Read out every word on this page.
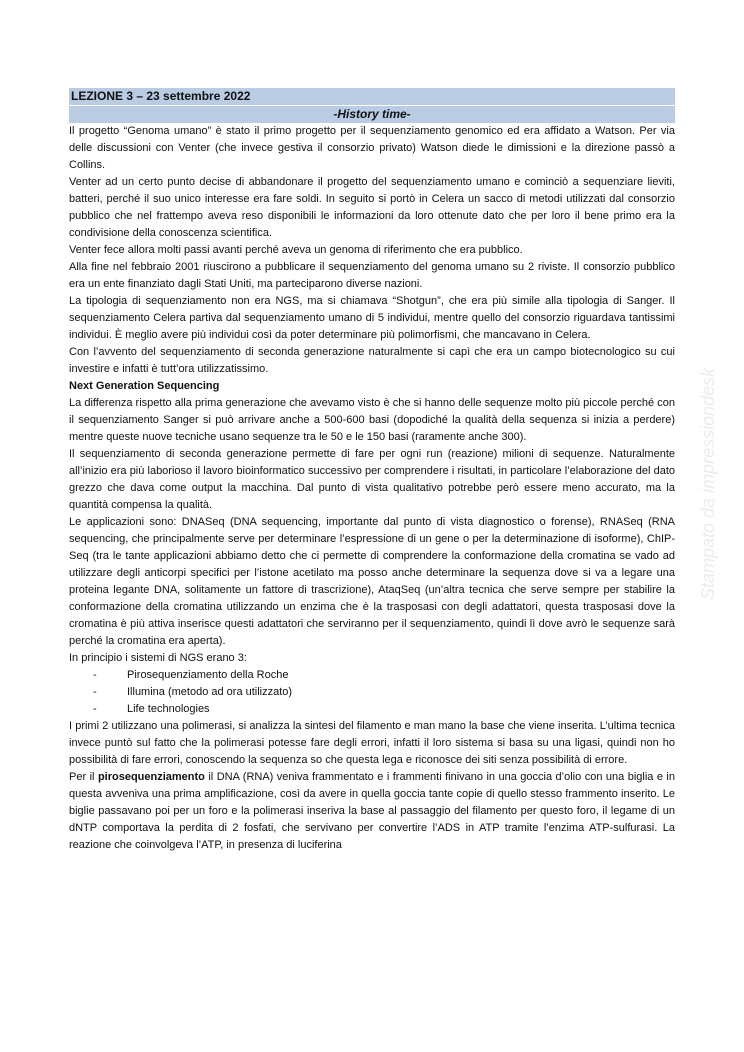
Stampato da impressiondesk
LEZIONE 3 – 23 settembre 2022
-History time-

Il progetto “Genoma umano” è stato il primo progetto per il sequenziamento genomico ed era affidato a Watson. Per via delle discussioni con Venter (che invece gestiva il consorzio privato) Watson diede le dimissioni e la direzione passò a Collins.

Venter ad un certo punto decise di abbandonare il progetto del sequenziamento umano e cominciò a sequenziare lieviti, batteri, perché il suo unico interesse era fare soldi. In seguito si portò in Celera un sacco di metodi utilizzati dal consorzio pubblico che nel frattempo aveva reso disponibili le informazioni da loro ottenute dato che per loro il bene primo era la condivisione della conoscenza scientifica.

Venter fece allora molti passi avanti perché aveva un genoma di riferimento che era pubblico.

Alla fine nel febbraio 2001 riuscirono a pubblicare il sequenziamento del genoma umano su 2 riviste. Il consorzio pubblico era un ente finanziato dagli Stati Uniti, ma parteciparono diverse nazioni.

La tipologia di sequenziamento non era NGS, ma si chiamava “Shotgun”, che era più simile alla tipologia di Sanger. Il sequenziamento Celera partiva dal sequenziamento umano di 5 individui, mentre quello del consorzio riguardava tantissimi individui. È meglio avere più individui così da poter determinare più polimorfismi, che mancavano in Celera.

Con l’avvento del sequenziamento di seconda generazione naturalmente si capì che era un campo biotecnologico su cui investire e infatti è tutt’ora utilizzatissimo.

Next Generation Sequencing

La differenza rispetto alla prima generazione che avevamo visto è che si hanno delle sequenze molto più piccole perché con il sequenziamento Sanger si può arrivare anche a 500-600 basi (dopodiché la qualità della sequenza si inizia a perdere) mentre queste nuove tecniche usano sequenze tra le 50 e le 150 basi (raramente anche 300).

Il sequenziamento di seconda generazione permette di fare per ogni run (reazione) milioni di sequenze. Naturalmente all’inizio era più laborioso il lavoro bioinformatico successivo per comprendere i risultati, in particolare l’elaborazione del dato grezzo che dava come output la macchina. Dal punto di vista qualitativo potrebbe però essere meno accurato, ma la quantità compensa la qualità.

Le applicazioni sono: DNASeq (DNA sequencing, importante dal punto di vista diagnostico o forense), RNASeq (RNA sequencing, che principalmente serve per determinare l’espressione di un gene o per la determinazione di isoforme), ChIP-Seq (tra le tante applicazioni abbiamo detto che ci permette di comprendere la conformazione della cromatina se vado ad utilizzare degli anticorpi specifici per l’istone acetilato ma posso anche determinare la sequenza dove si va a legare una proteina legante DNA, solitamente un fattore di trascrizione), AtaqSeq (un’altra tecnica che serve sempre per stabilire la conformazione della cromatina utilizzando un enzima che è la trasposasi con degli adattatori, questa trasposasi dove la cromatina è più attiva inserisce questi adattatori che serviranno per il sequenziamento, quindi lì dove avrò le sequenze sarà perché la cromatina era aperta).

In principio i sistemi di NGS erano 3:

- Pirosequenziamento della Roche
- Illumina (metodo ad ora utilizzato)
- Life technologies

I primi 2 utilizzano una polimerasi, si analizza la sintesi del filamento e man mano la base che viene inserita. L’ultima tecnica invece puntò sul fatto che la polimerasi potesse fare degli errori, infatti il loro sistema si basa su una ligasi, quindi non ho possibilità di fare errori, conoscendo la sequenza so che questa lega e riconosce dei siti senza possibilità di errore.

Per il pirosequenziamento il DNA (RNA) veniva frammentato e i frammenti finivano in una goccia d’olio con una biglia e in questa avveniva una prima amplificazione, così da avere in quella goccia tante copie di quello stesso frammento inserito. Le biglie passavano poi per un foro e la polimerasi inseriva la base al passaggio del filamento per questo foro, il legame di un dNTP comportava la perdita di 2 fosfati, che servivano per convertire l’ADS in ATP tramite l’enzima ATP-sulfurasi. La reazione che coinvolgeva l’ATP, in presenza di luciferina
